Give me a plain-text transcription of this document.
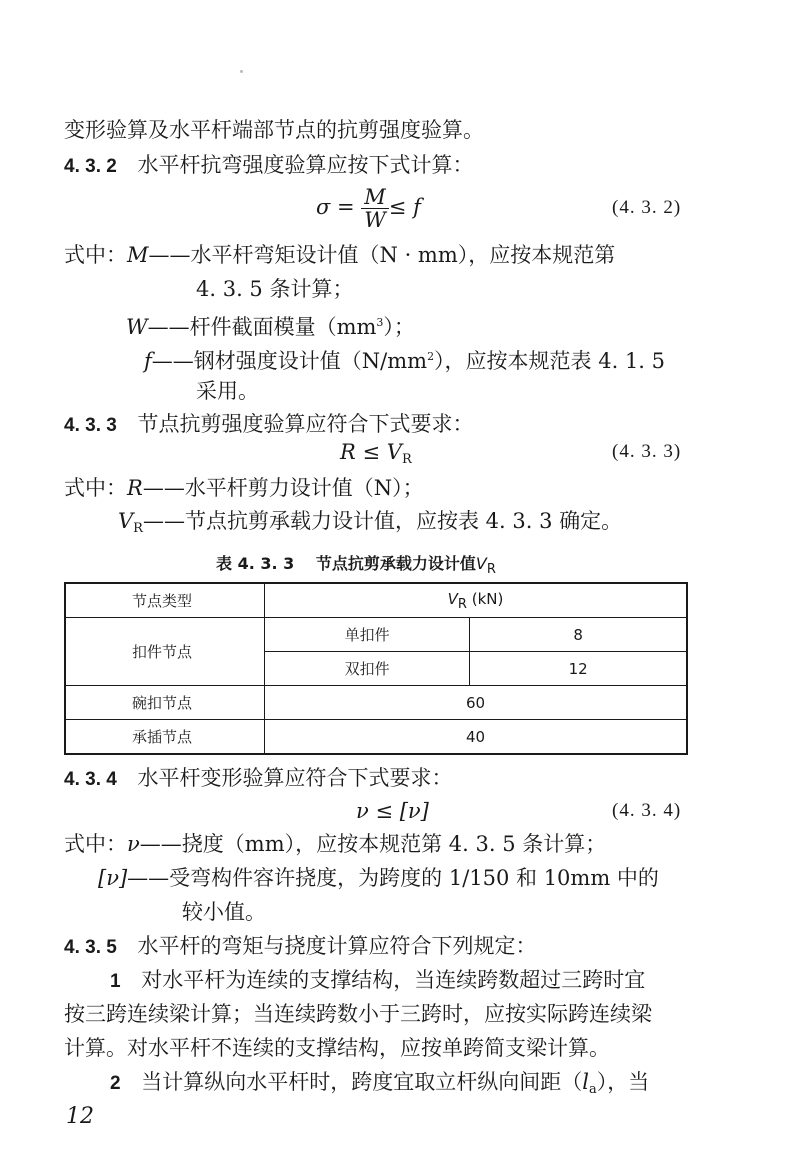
变形验算及水平杆端部节点的抗剪强度验算。
4. 3. 2 水平杆抗弯强度验算应按下式计算：
$\sigma = \frac{M}{W} \le f$	(4. 3. 2)
式中：M——水平杆弯矩设计值（N · mm），应按本规范第
4. 3. 5 条计算；
W——杆件截面模量$(mm^3)$；
f——钢材强度设计值$(N/mm^2)$，应按本规范表 4. 1. 5
采用。
4. 3. 3 节点抗剪强度验算应符合下式要求：
$R \le V_R$	(4. 3. 3)
式中：R——水平杆剪力设计值（N）；
$V_R——$节点抗剪承载力设计值，应按表 4. 3. 3 确定。
表 4. 3. 3 节点抗剪承载力设计值$V_R$
节点类型	VR (kN)	
扣件节点	单扣件	8
	双扣件	12
碗扣节点	60	
承插节点	40	
4. 3. 4 水平杆变形验算应符合下式要求：
ν ≤ [ν]	(4. 3. 4)
式中：ν——挠度（mm），应按本规范第 4. 3. 5 条计算；
[ν]——受弯构件容许挠度，为跨度的 1/150 和 10mm 中的
较小值。
4. 3. 5 水平杆的弯矩与挠度计算应符合下列规定：
1 对水平杆为连续的支撑结构，当连续跨数超过三跨时宜
按三跨连续梁计算；当连续跨数小于三跨时，应按实际跨连续梁
计算。对水平杆不连续的支撑结构，应按单跨简支梁计算。
2 当计算纵向水平杆时，跨度宜取立杆纵向间距$(l_a)$，当
12
